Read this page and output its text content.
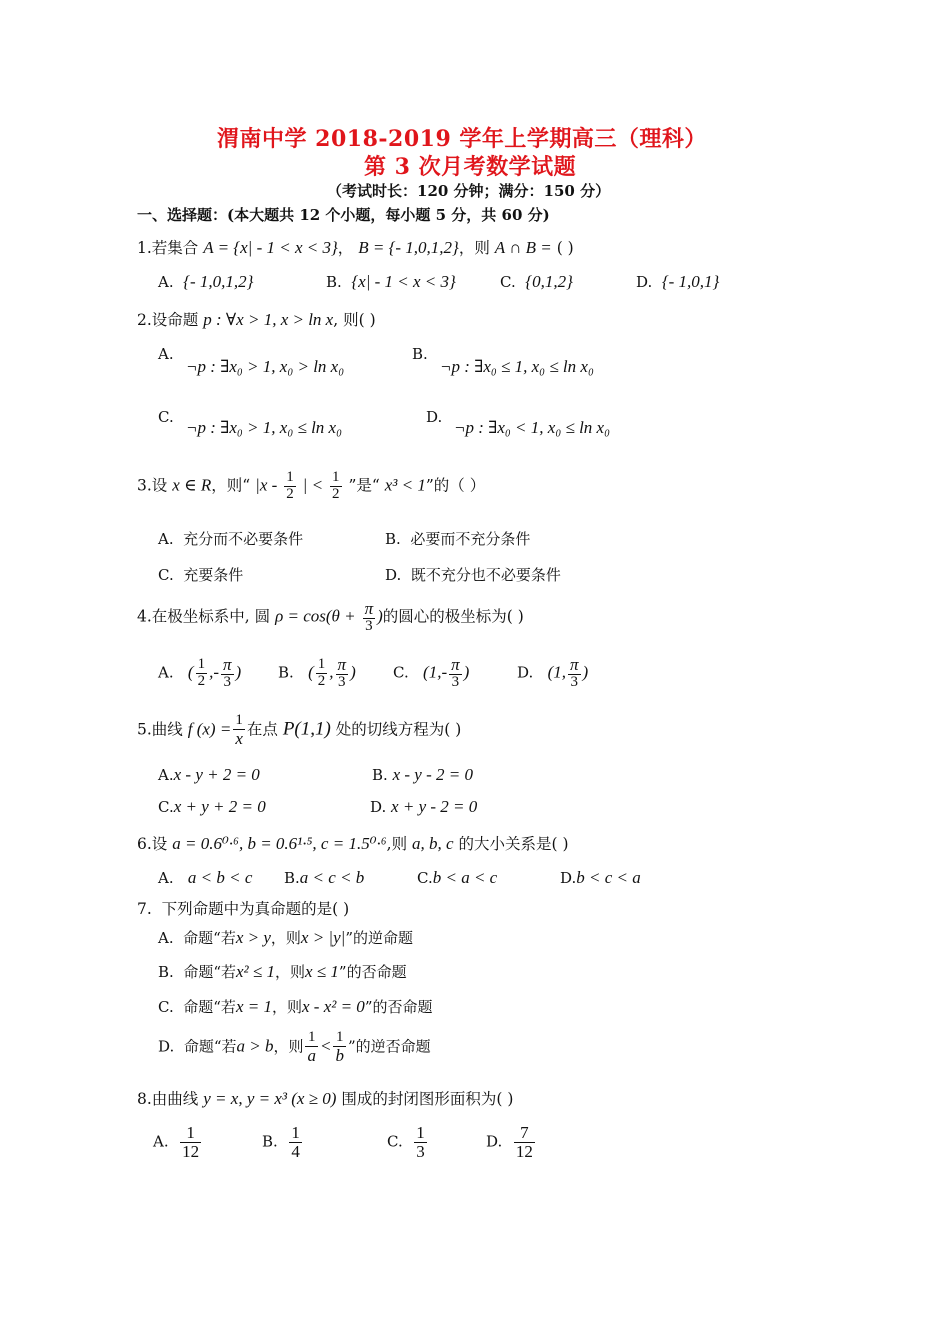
渭南中学 2018-2019 学年上学期高三（理科）
第 3 次月考数学试题
（考试时长：120 分钟；满分：150 分）
一、选择题：(本大题共 12 个小题，每小题 5 分，共 60 分)
1.若集合 A = {x| - 1 < x < 3}， B = {- 1,0,1,2}，则 A ∩ B = ( )
A. {- 1,0,1,2}	B. {x| - 1 < x < 3}	C. {0,1,2}	D. {- 1,0,1}
2.设命题 p : ∀x > 1, x > ln x, 则( )
A.
¬p : ∃x₀ > 1, x₀ > ln x₀
B.
¬p : ∃x₀ ≤ 1, x₀ ≤ ln x₀
C.
¬p : ∃x₀ > 1, x₀ ≤ ln x₀
D.
¬p : ∃x₀ < 1, x₀ ≤ ln x₀
3.设 x ∈ R，则“ $|x - \frac{1}{2}$ | < $\frac{1}{2}$ ”是“ x³ < 1”的（ ）
A. 充分而不必要条件	B. 必要而不充分条件
C. 充要条件	D. 既不充分也不必要条件
4.在极坐标系中, 圆 $\rho = \cos(\theta + \frac{\pi}{3}$ )的圆心的极坐标为( )
A. ( $\frac{1}{2}$ ,- $\frac{\pi}{3}$ ) B. ( $\frac{1}{2}$ , $\frac{\pi}{3}$ ) C. ($1,- \frac{\pi}{3}$ )	D. (1, $\frac{\pi}{3}$ )
5.曲线 f $(x) = \frac{1}{x}$ 在点 P(1,1) 处的切线方程为( )
A.x - y + 2 = 0	B. x - y - 2 = 0
C.x + y + 2 = 0	D. x + y - 2 = 0
6.设 a = 0.6⁰·⁶, b = 0.6¹·⁵, c = 1.5⁰·⁶,则 a, b, c 的大小关系是( )
A. a < b < c B.a < c < b	C.b < a < c	D.b < c < a
7. 下列命题中为真命题的是( )
A. 命题“若x > y，则x > |y|”的逆命题
B. 命题“若x² ≤ 1，则x ≤ 1”的否命题
C. 命题“若x = 1，则x - x² = 0”的否命题
D. 命题“若a > b，则 $\frac{1}{a} < \frac{1}{b}$ ”的逆否命题
8.由曲线 y = x, y = x³ (x ≥ 0) 围成的封闭图形面积为( )
A. $\frac{1}{12}$	B. $\frac{1}{4}$	C. $\frac{1}{3}$	D. $\frac{7}{12}$
